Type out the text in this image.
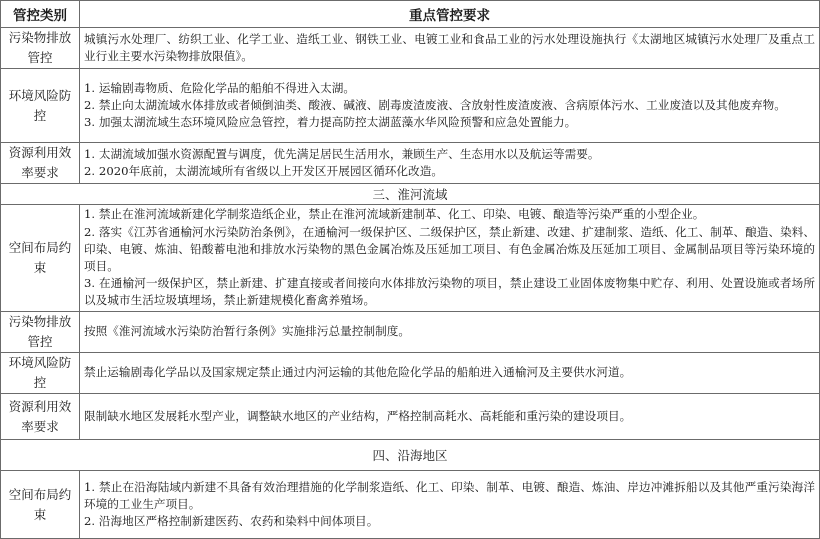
管控类别	重点管控要求
污染物排放管控	城镇污水处理厂、纺织工业、化学工业、造纸工业、钢铁工业、电镀工业和食品工业的污水处理设施执行《太湖地区城镇污水处理厂及重点工业行业主要水污染物排放限值》。

环境风险防控	1. 运输剧毒物质、危险化学品的船舶不得进入太湖。
2. 禁止向太湖流域水体排放或者倾倒油类、酸液、碱液、剧毒废渣废液、含放射性废渣废液、含病原体污水、工业废渣以及其他废弃物。
3. 加强太湖流域生态环境风险应急管控，着力提高防控太湖蓝藻水华风险预警和应急处置能力。

资源利用效率要求	1. 太湖流域加强水资源配置与调度，优先满足居民生活用水，兼顾生产、生态用水以及航运等需要。
2. 2020年底前，太湖流域所有省级以上开发区开展园区循环化改造。

三、淮河流域	
空间布局约束	1. 禁止在淮河流域新建化学制浆造纸企业，禁止在淮河流域新建制革、化工、印染、电镀、酿造等污染严重的小型企业。
2. 落实《江苏省通榆河水污染防治条例》，在通榆河一级保护区、二级保护区，禁止新建、改建、扩建制浆、造纸、化工、制革、酿造、染料、印染、电镀、炼油、铅酸蓄电池和排放水污染物的黑色金属冶炼及压延加工项目、有色金属冶炼及压延加工项目、金属制品项目等污染环境的项目。
3. 在通榆河一级保护区，禁止新建、扩建直接或者间接向水体排放污染物的项目，禁止建设工业固体废物集中贮存、利用、处置设施或者场所以及城市生活垃圾填埋场，禁止新建规模化畜禽养殖场。

污染物排放管控	按照《淮河流域水污染防治暂行条例》实施排污总量控制制度。

环境风险防控	禁止运输剧毒化学品以及国家规定禁止通过内河运输的其他危险化学品的船舶进入通榆河及主要供水河道。

资源利用效率要求	限制缺水地区发展耗水型产业，调整缺水地区的产业结构，严格控制高耗水、高耗能和重污染的建设项目。

四、沿海地区	
空间布局约束	1. 禁止在沿海陆域内新建不具备有效治理措施的化学制浆造纸、化工、印染、制革、电镀、酿造、炼油、岸边冲滩拆船以及其他严重污染海洋环境的工业生产项目。
2. 沿海地区严格控制新建医药、农药和染料中间体项目。
